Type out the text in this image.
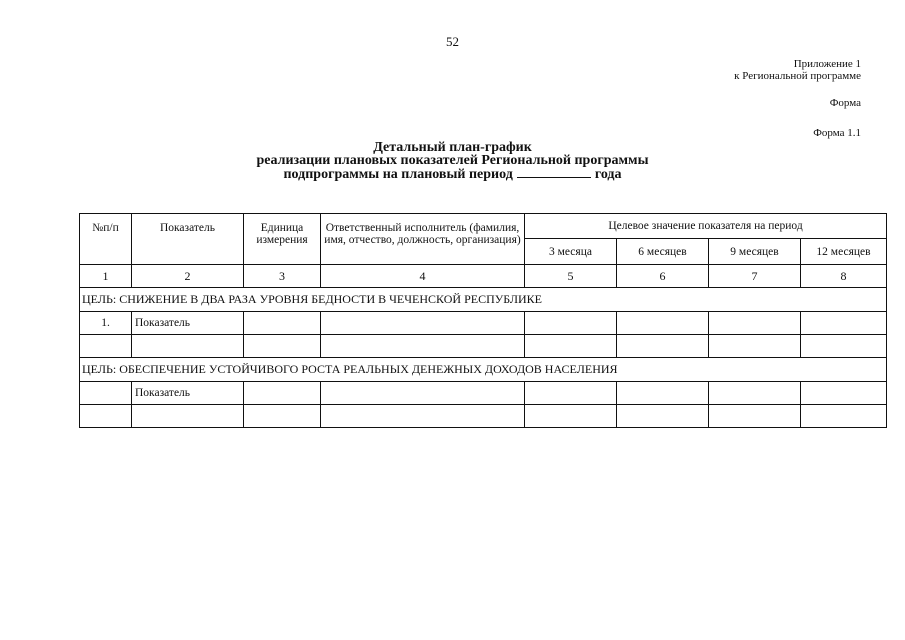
52
Приложение 1
к Региональной программе
Форма
Форма 1.1
Детальный план-график
реализации плановых показателей Региональной программы
подпрограммы на плановый период	года
№п/п	Показатель	Единица измерения	Ответственный исполнитель (фамилия, имя, отчество, должность, организация)	Целевое значение показателя на период			
				3 месяца	6 месяцев	9 месяцев	12 месяцев
1	2	3	4	5	6	7	8
ЦЕЛЬ: СНИЖЕНИЕ В ДВА РАЗА УРОВНЯ БЕДНОСТИ В ЧЕЧЕНСКОЙ РЕСПУБЛИКЕ							
1.	Показатель						

ЦЕЛЬ: ОБЕСПЕЧЕНИЕ УСТОЙЧИВОГО РОСТА РЕАЛЬНЫХ ДЕНЕЖНЫХ ДОХОДОВ НАСЕЛЕНИЯ							
	Показатель						
